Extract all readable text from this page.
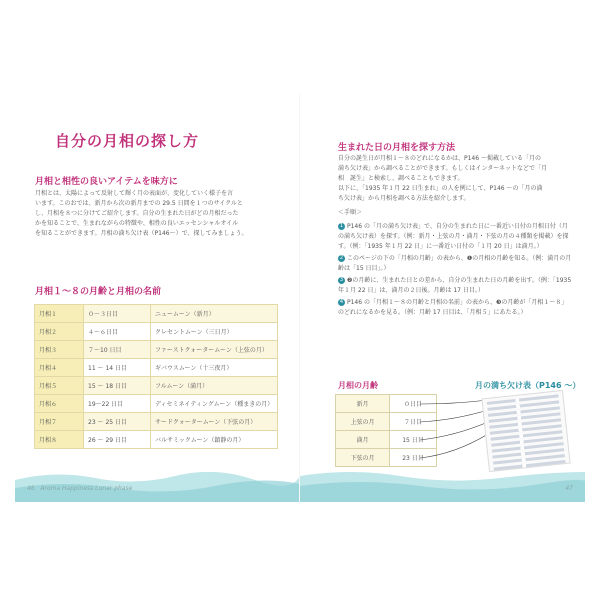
自分の月相の探し方
月相と相性の良いアイテムを味方に

月相とは、太陽によって反射して輝く月の表面が、変化していく様子を言

います。このおでは、新月から次の新月までの 29.5 日間を１つのサイクルと

し、月相を８つに分けてご紹介します。自分の生まれた日がどの月相だった

かを知ることで、生まれながらの特徴や、相性の良いエッセンシャルオイル

を知ることができます。月相の満ち欠け表（P146～）で、探してみましょう。

月相１～８の月齢と月相の名前
月相１	０～３日目	ニュームーン（新月）
月相２	４～６日目	クレセントムーン（三日月）
月相３	７～10 日目	ファーストクォータームーン（上弦の月）
月相４	11 ～ 14 日目	ギバウスムーン（十三夜月）
月相５	15 ～ 18 日目	フルムーン（満月）
月相６	19～22 日目	ディセミネイティングムーン（種まきの月）
月相７	23 ～ 25 日目	サードクォータームーン（下弦の月）
月相８	26 ～ 29 日目	バルサミックムーン（鎮静の月）
46 Aroma Happiness Lunar phase
生まれた日の月相を探す方法

自分の誕生日が月相１～８のどれになるかは、P146 ～掲載している「月の

満ち欠け表」から調べることができます。もしくはインターネットなどで「月

相　誕生」と検索し、調べることもできます。

以下に、「1935 年１月 22 日生まれ」の人を例にして、P146 ～の「月の満

ち欠け表」から月相を調べる方法を紹介します。

＜手順＞

1 P146 の「月の満ち欠け表」で、自分の生まれた日に一番近い日付の月相日付（月の満ち欠け表）を探す。（例：新月・上弦の月・満月・下弦の月の４種類を掲載）を探す。（例：「1935 年１月 22 日」に一番近い日付の「１月 20 日」は満月。）

2 このページの下の「月相の月齢」の表から、❶の月相の月齢を知る。（例：満月の月齢は「15 日目」。）

3 ❷の月齢に、生まれた日との差から、自分の生まれた日の月齢を出す。（例：「1935 年１月 22 日」は、満月の２日後。月齢は 17 日目。）

4 P146 の「月相１～８の月齢と月相の名前」の表から、❸の月齢が「月相１～８」のどれになるかを見る。（例：月齢 17 日目は、「月相５」にあたる。）

月相の月齢	月の満ち欠け表（P146 ～）
新月	０日目
上弦の月	７日目
満月	15 日目
下弦の月	23 日目
47
